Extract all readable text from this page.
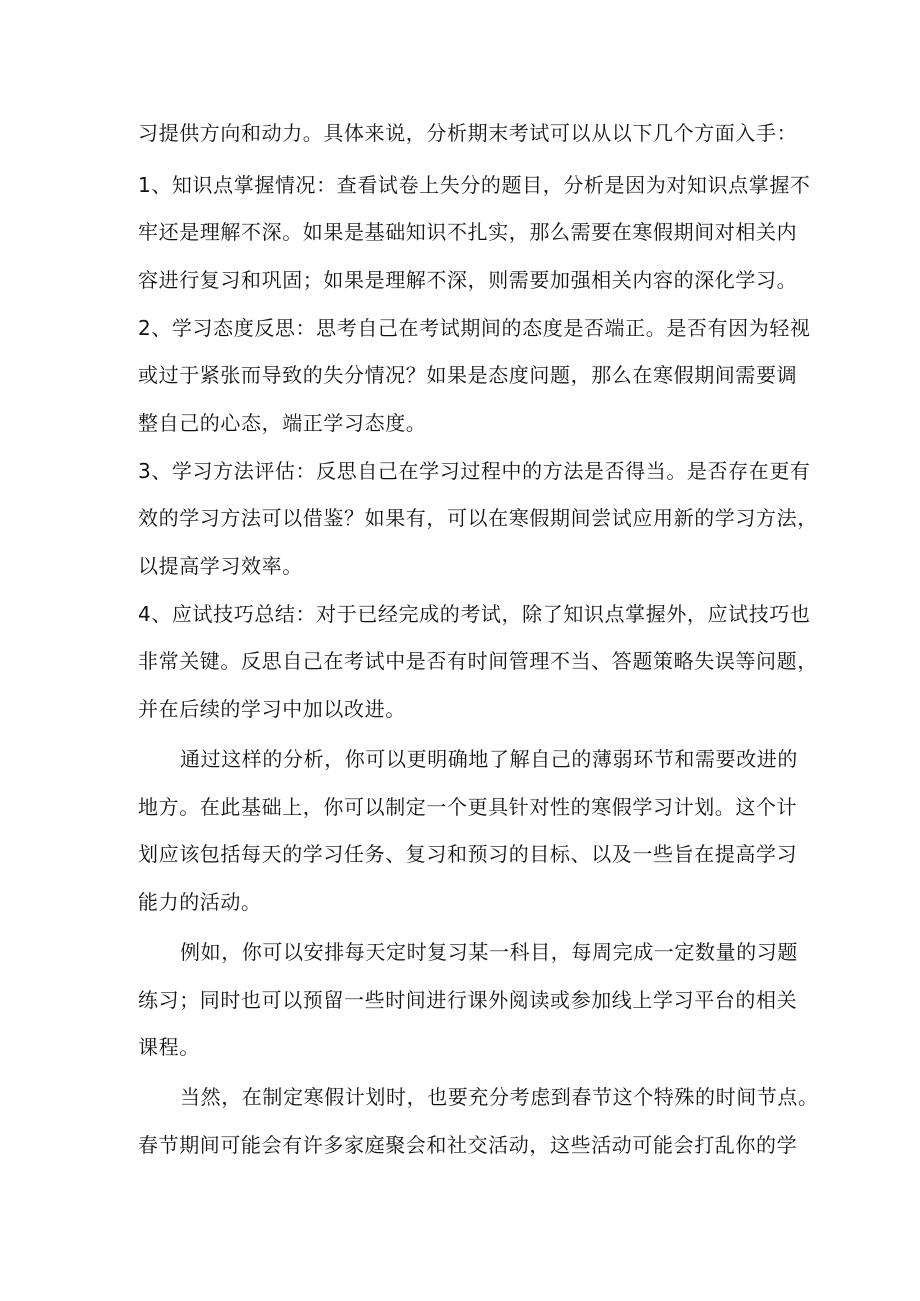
习提供方向和动力。具体来说，分析期末考试可以从以下几个方面入手：
1、知识点掌握情况：查看试卷上失分的题目，分析是因为对知识点掌握不
牢还是理解不深。如果是基础知识不扎实，那么需要在寒假期间对相关内
容进行复习和巩固；如果是理解不深，则需要加强相关内容的深化学习。
2、学习态度反思：思考自己在考试期间的态度是否端正。是否有因为轻视
或过于紧张而导致的失分情况？如果是态度问题，那么在寒假期间需要调
整自己的心态，端正学习态度。
3、学习方法评估：反思自己在学习过程中的方法是否得当。是否存在更有
效的学习方法可以借鉴？如果有，可以在寒假期间尝试应用新的学习方法，
以提高学习效率。
4、应试技巧总结：对于已经完成的考试，除了知识点掌握外，应试技巧也
非常关键。反思自己在考试中是否有时间管理不当、答题策略失误等问题，
并在后续的学习中加以改进。
通过这样的分析，你可以更明确地了解自己的薄弱环节和需要改进的
地方。在此基础上，你可以制定一个更具针对性的寒假学习计划。这个计
划应该包括每天的学习任务、复习和预习的目标、以及一些旨在提高学习
能力的活动。
例如，你可以安排每天定时复习某一科目，每周完成一定数量的习题
练习；同时也可以预留一些时间进行课外阅读或参加线上学习平台的相关
课程。
当然，在制定寒假计划时，也要充分考虑到春节这个特殊的时间节点。
春节期间可能会有许多家庭聚会和社交活动，这些活动可能会打乱你的学
